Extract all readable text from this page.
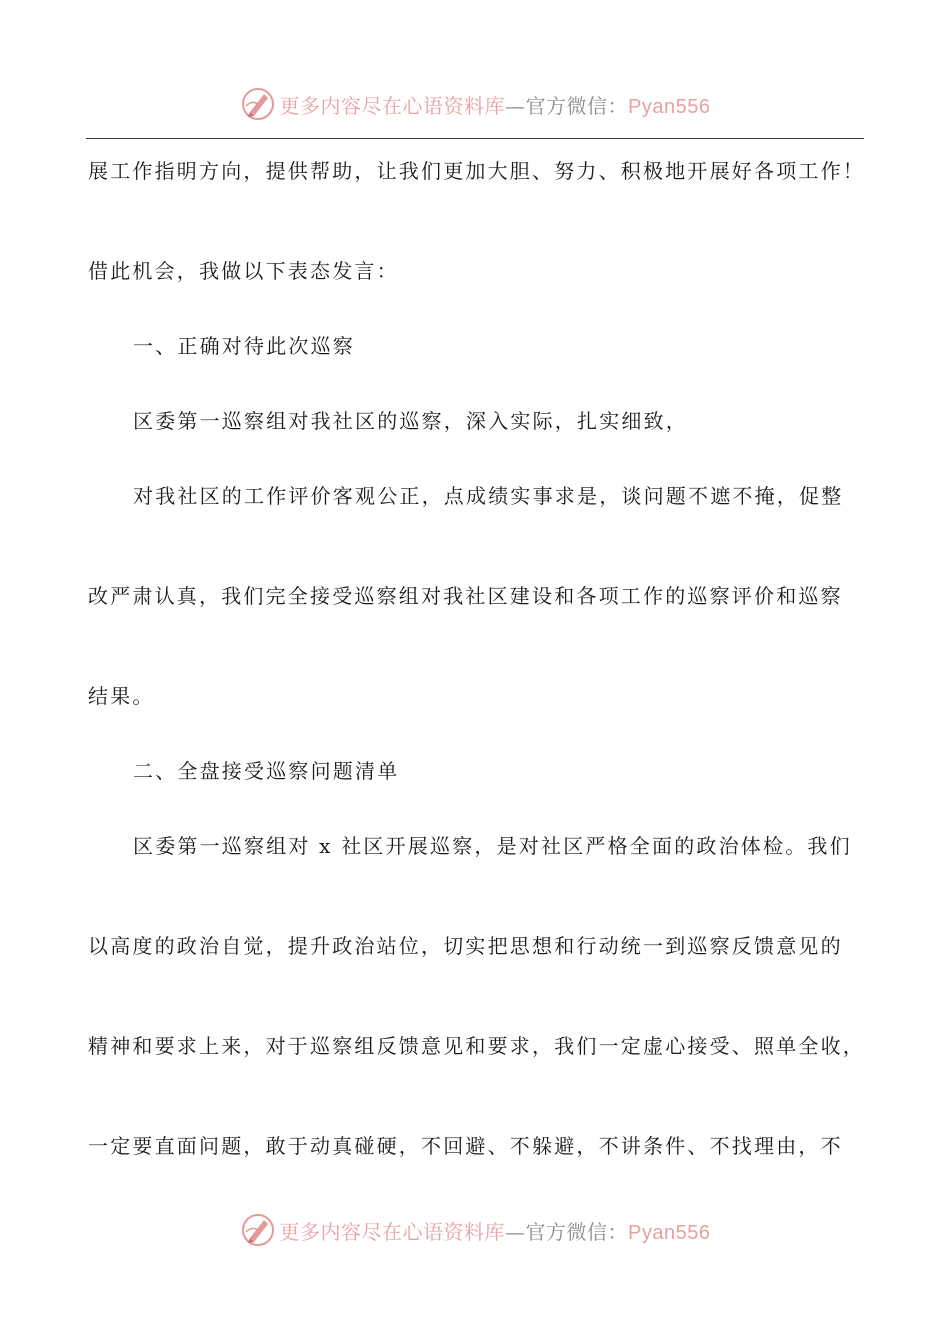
更多内容尽在心语资料库—官方微信：Pyan556
展工作指明方向，提供帮助，让我们更加大胆、努力、积极地开展好各项工作！
借此机会，我做以下表态发言：
一、正确对待此次巡察
区委第一巡察组对我社区的巡察，深入实际，扎实细致，
对我社区的工作评价客观公正，点成绩实事求是，谈问题不遮不掩，促整
改严肃认真，我们完全接受巡察组对我社区建设和各项工作的巡察评价和巡察
结果。
二、全盘接受巡察问题清单
区委第一巡察组对 x 社区开展巡察，是对社区严格全面的政治体检。我们
以高度的政治自觉，提升政治站位，切实把思想和行动统一到巡察反馈意见的
精神和要求上来，对于巡察组反馈意见和要求，我们一定虚心接受、照单全收，
一定要直面问题，敢于动真碰硬，不回避、不躲避，不讲条件、不找理由，不
更多内容尽在心语资料库—官方微信：Pyan556
